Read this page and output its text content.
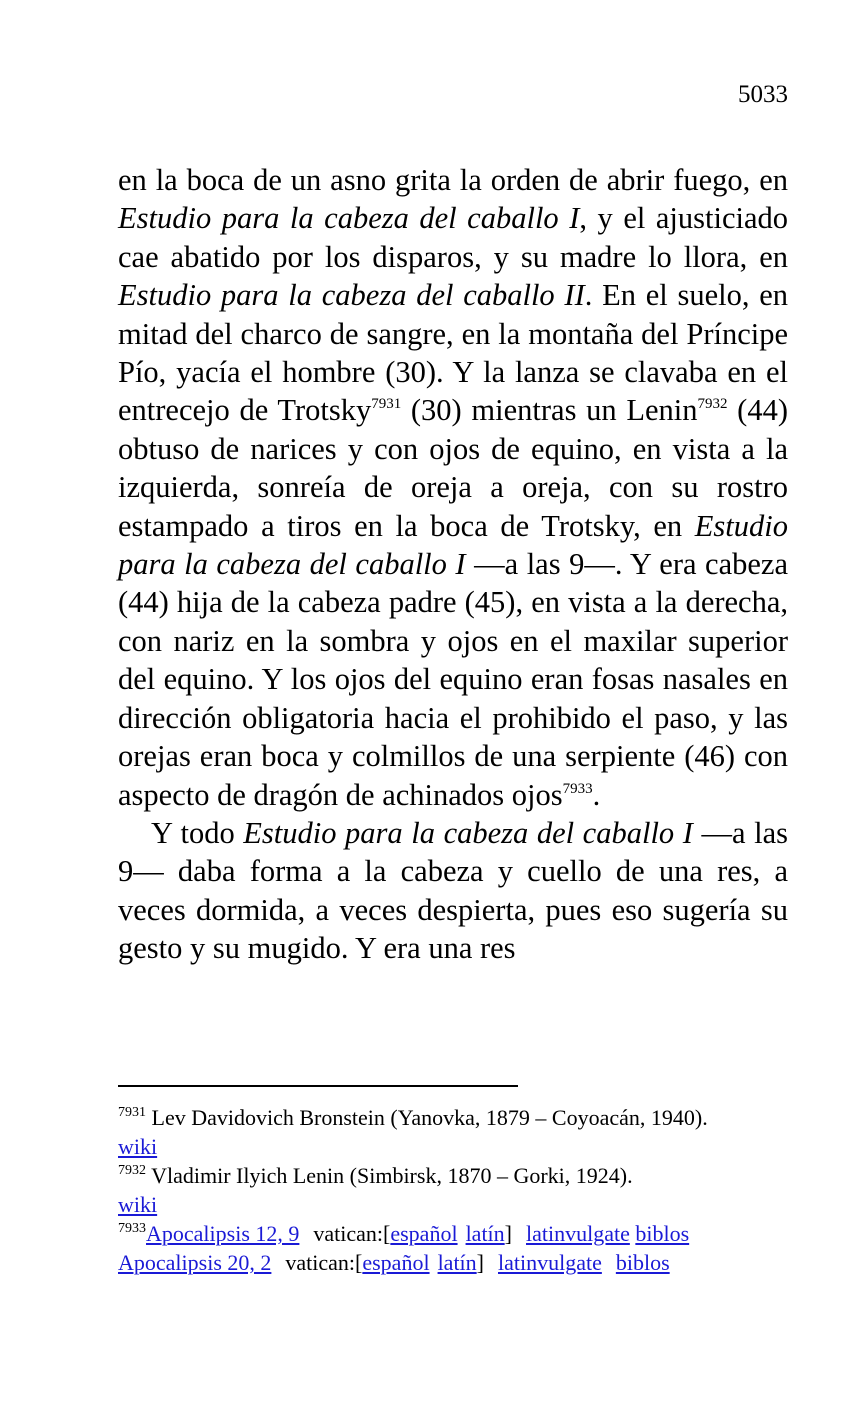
5033

en la boca de un asno grita la orden de abrir fuego, en Estudio para la cabeza del caballo I, y el ajusticiado cae abatido por los disparos, y su madre lo llora, en Estudio para la cabeza del caballo II. En el suelo, en mitad del charco de sangre, en la montaña del Príncipe Pío, yacía el hombre (30). Y la lanza se clavaba en el entrecejo de Trotsky$^{7931}$ (30) mientras un Lenin$^{7932}$ (44) obtuso de narices y con ojos de equino, en vista a la izquierda, sonreía de oreja a oreja, con su rostro estampado a tiros en la boca de Trotsky, en Estudio para la cabeza del caballo I —a las 9—. Y era cabeza (44) hija de la cabeza padre (45), en vista a la derecha, con nariz en la sombra y ojos en el maxilar superior del equino. Y los ojos del equino eran fosas nasales en dirección obligatoria hacia el prohibido el paso, y las orejas eran boca y colmillos de una serpiente (46) con aspecto de dragón de achinados ojos$^{7933}$.

Y todo Estudio para la cabeza del caballo I —a las 9— daba forma a la cabeza y cuello de una res, a veces dormida, a veces despierta, pues eso sugería su gesto y su mugido. Y era una res

$^{7931}$ Lev Davidovich Bronstein (Yanovka, 1879 – Coyoacán, 1940).

wiki

$^{7932}$ Vladimir Ilyich Lenin (Simbirsk, 1870 – Gorki, 1924).

wiki

$^{7933}$Apocalipsis 12, 9 vatican:[español latín] latinvulgate biblos

Apocalipsis 20, 2 vatican:[español latín] latinvulgate biblos
